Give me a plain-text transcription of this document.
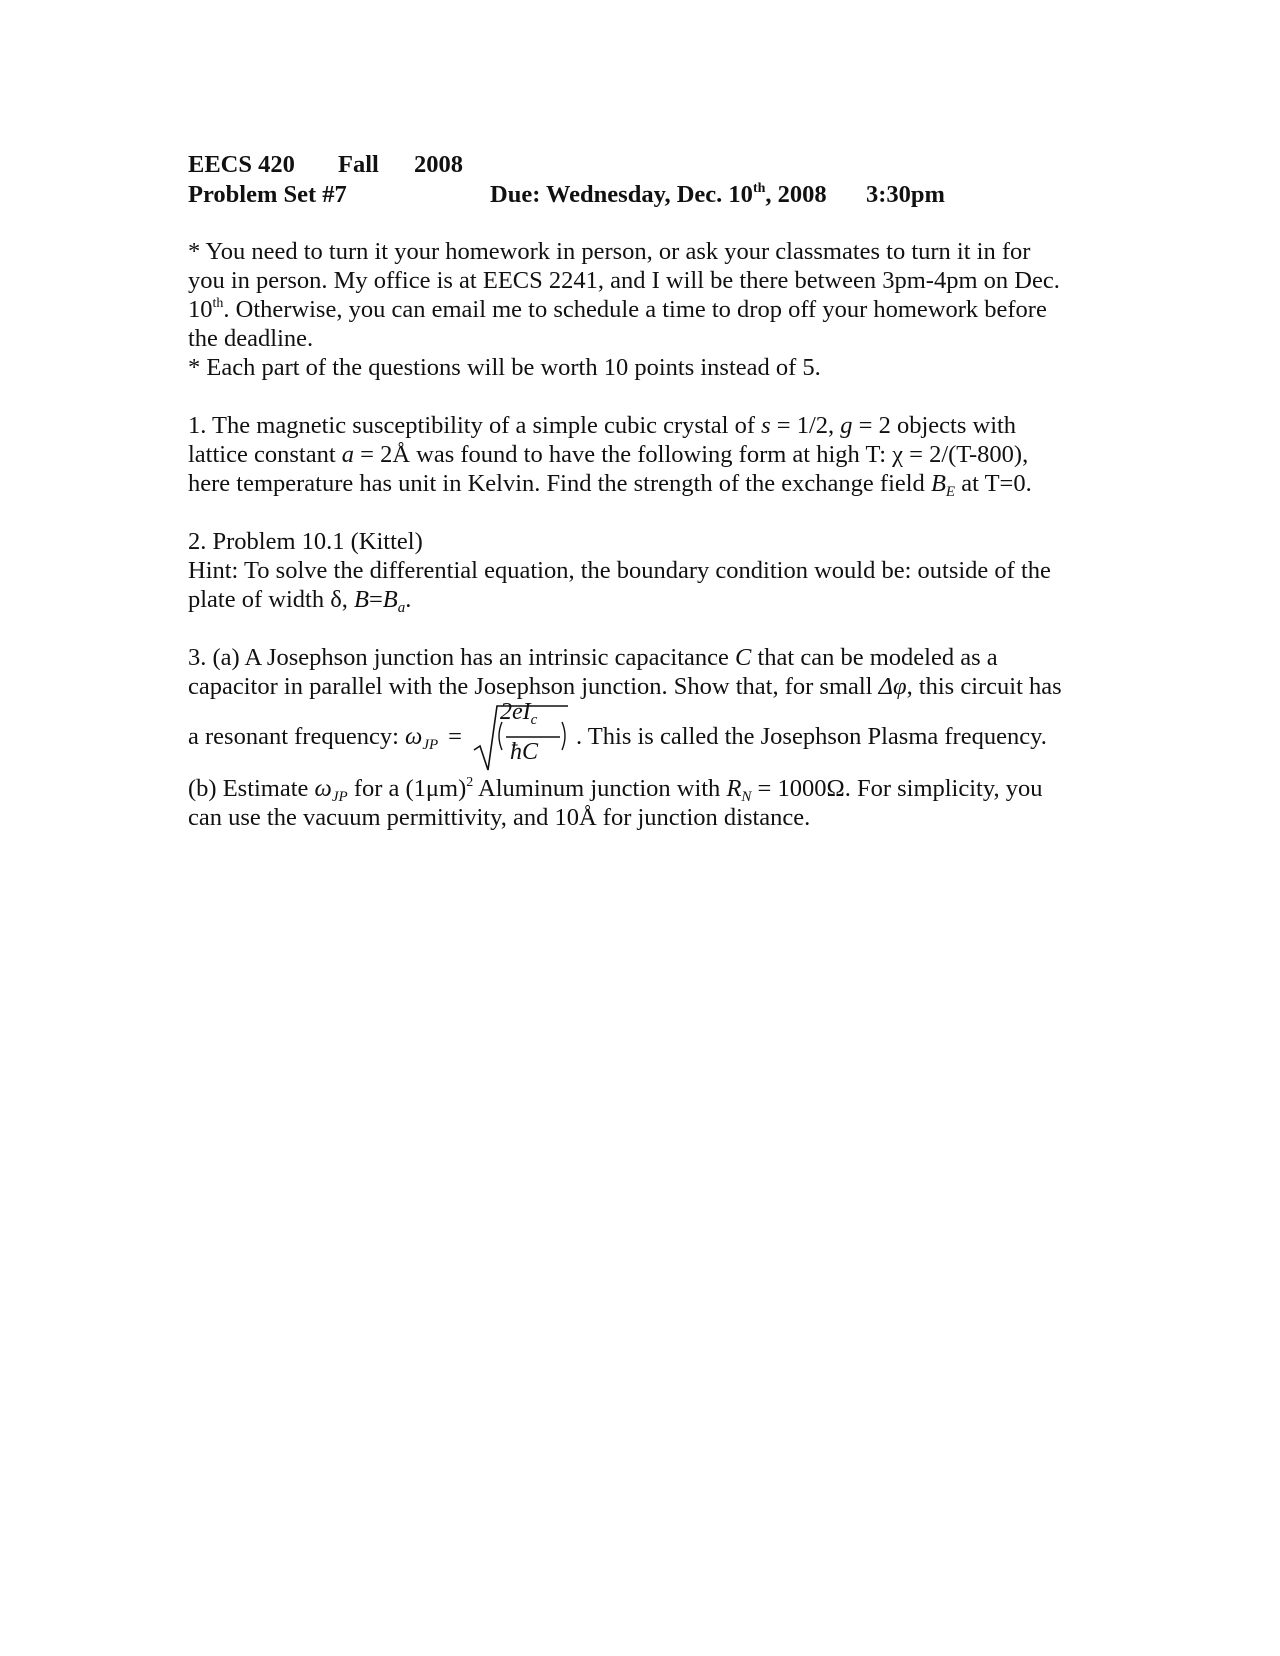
EECS 420 Fall 2008
Problem Set #7	Due: Wednesday, Dec. 10th, 2008 3:30pm
* You need to turn it your homework in person, or ask your classmates to turn it in for
you in person. My office is at EECS 2241, and I will be there between 3pm-4pm on Dec.
10th. Otherwise, you can email me to schedule a time to drop off your homework before
the deadline.
* Each part of the questions will be worth 10 points instead of 5.
1. The magnetic susceptibility of a simple cubic crystal of s = 1/2, g = 2 objects with
lattice constant a = 2Å was found to have the following form at high T: χ = 2/(T-800),
here temperature has unit in Kelvin. Find the strength of the exchange field $B_E$ at T=0.
2. Problem 10.1 (Kittel)
Hint: To solve the differential equation, the boundary condition would be: outside of the
plate of width δ, $B=B_a$.
3. (a) A Josephson junction has an intrinsic capacitance C that can be modeled as a
capacitor in parallel with the Josephson junction. Show that, for small Δφ, this circuit has
a resonant frequency: $\omega_{JP}$ =
$2eI_c$
ħC
. This is called the Josephson Plasma frequency.
(b) Estimate $\omega_{JP}$ for a $(1\mu m)^2$ Aluminum junction with $R_N = 1000\Omega$. For simplicity, you
can use the vacuum permittivity, and 10Å for junction distance.
